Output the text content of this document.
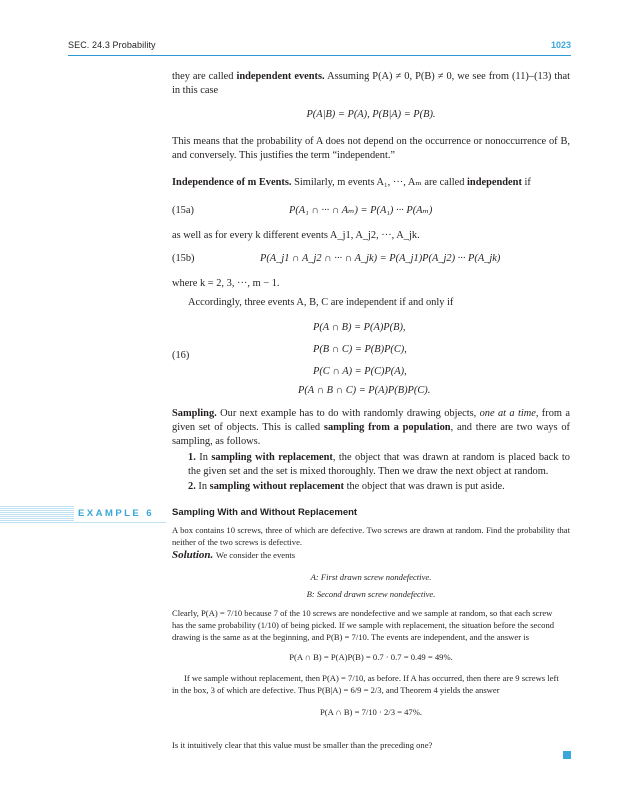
SEC. 24.3 Probability	1023
they are called independent events. Assuming P(A) ≠ 0, P(B) ≠ 0, we see from (11)–(13) that in this case
P(A|B) = P(A), P(B|A) = P(B).
This means that the probability of A does not depend on the occurrence or nonoccurrence of B, and conversely. This justifies the term “independent.”
Independence of m Events. Similarly, m events A₁, ···, Aₘ are called independent if
(15a)	P(A₁ ∩ ··· ∩ Aₘ) = P(A₁) ··· P(Aₘ)
as well as for every k different events A_j1, A_j2, ···, A_jk.
(15b)	P(A_j1 ∩ A_j2 ∩ ··· ∩ A_jk) = P(A_j1)P(A_j2) ··· P(A_jk)
where k = 2, 3, ···, m − 1.
Accordingly, three events A, B, C are independent if and only if
(16)
P(A ∩ B) = P(A)P(B),
P(B ∩ C) = P(B)P(C),
P(C ∩ A) = P(C)P(A),
P(A ∩ B ∩ C) = P(A)P(B)P(C).
Sampling. Our next example has to do with randomly drawing objects, one at a time, from a given set of objects. This is called sampling from a population, and there are two ways of sampling, as follows.
1. In sampling with replacement, the object that was drawn at random is placed back to the given set and the set is mixed thoroughly. Then we draw the next object at random.
2. In sampling without replacement the object that was drawn is put aside.
EXAMPLE 6	Sampling With and Without Replacement
A box contains 10 screws, three of which are defective. Two screws are drawn at random. Find the probability that neither of the two screws is defective.
Solution. We consider the events
A: First drawn screw nondefective.
B: Second drawn screw nondefective.
Clearly, P(A) = 7/10 because 7 of the 10 screws are nondefective and we sample at random, so that each screw
has the same probability (1/10) of being picked. If we sample with replacement, the situation before the second
drawing is the same as at the beginning, and P(B) = 7/10. The events are independent, and the answer is
P(A ∩ B) = P(A)P(B) = 0.7 · 0.7 = 0.49 = 49%.
If we sample without replacement, then P(A) = 7/10, as before. If A has occurred, then there are 9 screws left
in the box, 3 of which are defective. Thus P(B|A) = 6/9 = 2/3, and Theorem 4 yields the answer
P(A ∩ B) = 7/10 · 2/3 = 47%.
Is it intuitively clear that this value must be smaller than the preceding one?
